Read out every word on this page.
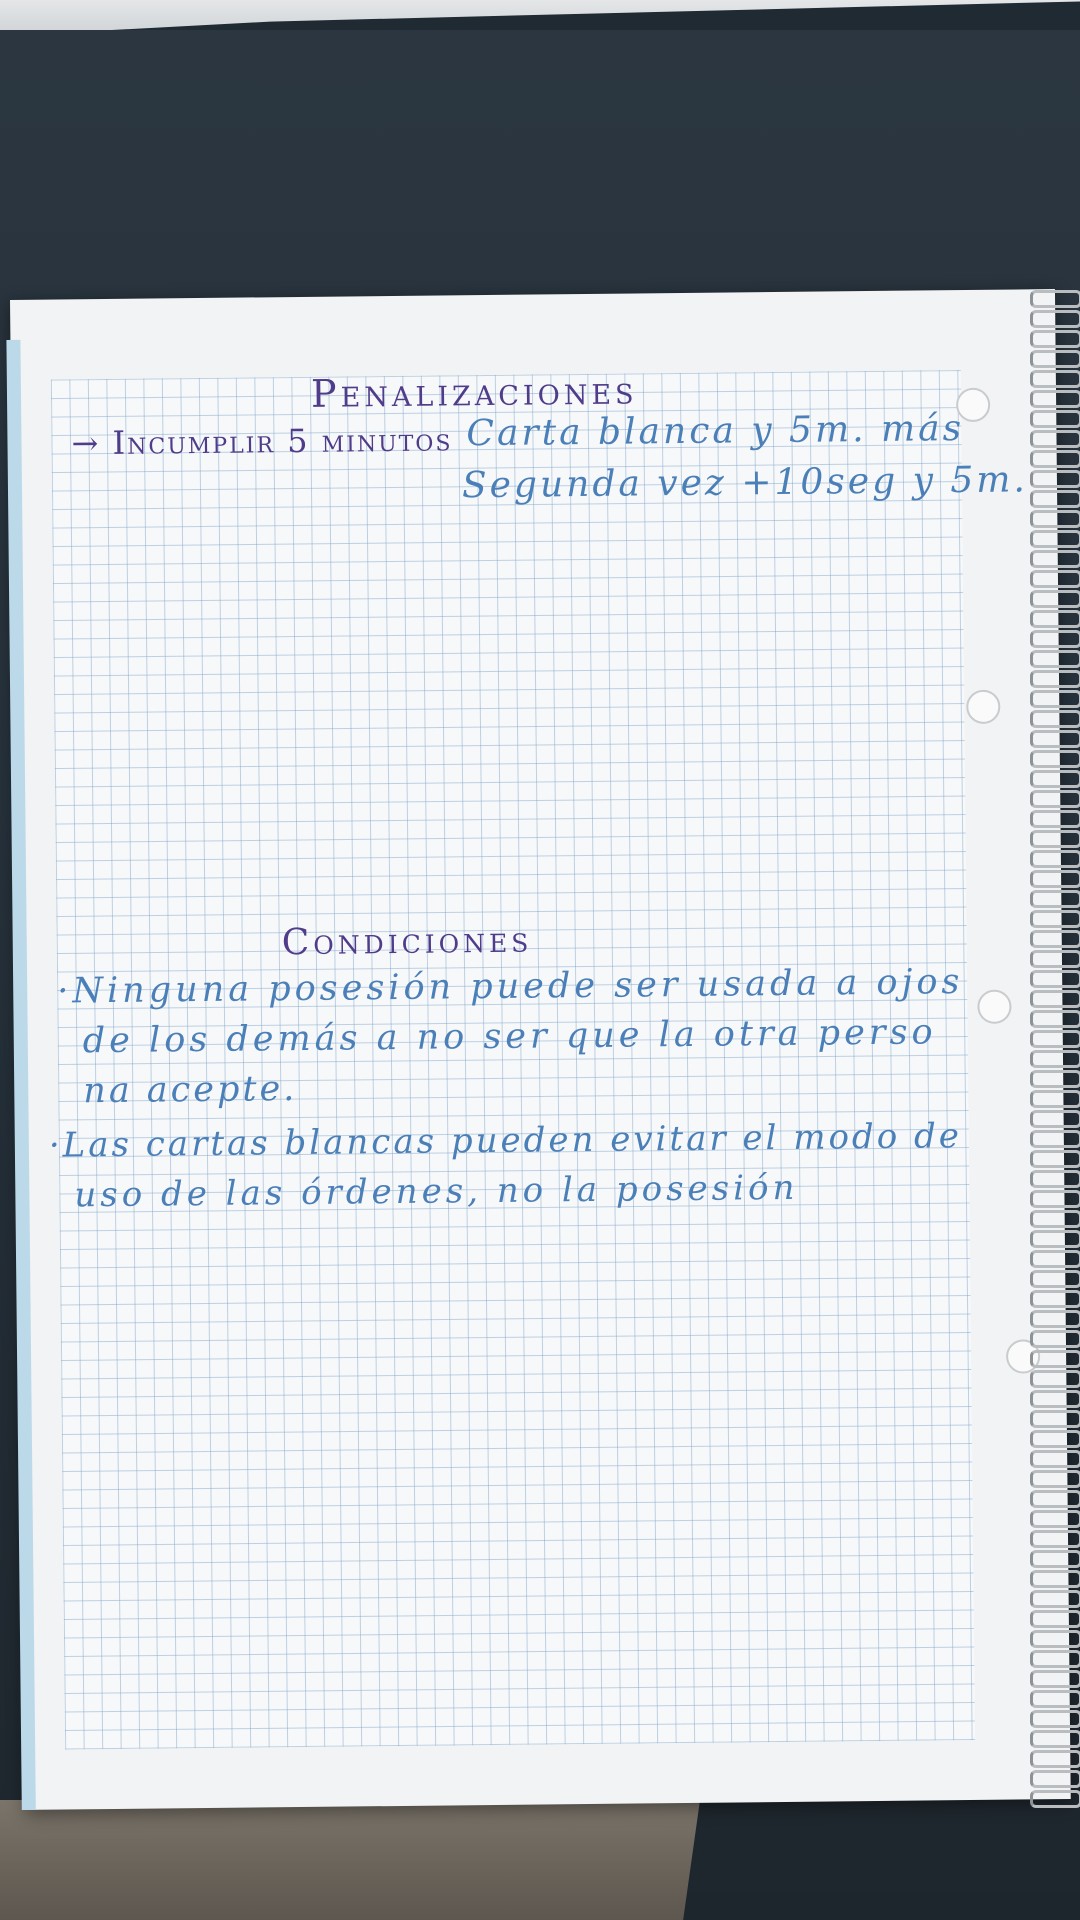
Penalizaciones
→ Incumplir 5 minutos Carta blanca y 5m. más
Segunda vez +10seg y 5m.
Condiciones
·Ninguna posesión puede ser usada a ojos
de los demás a no ser que la otra perso
na acepte.
·Las cartas blancas pueden evitar el modo de
uso de las órdenes, no la posesión
